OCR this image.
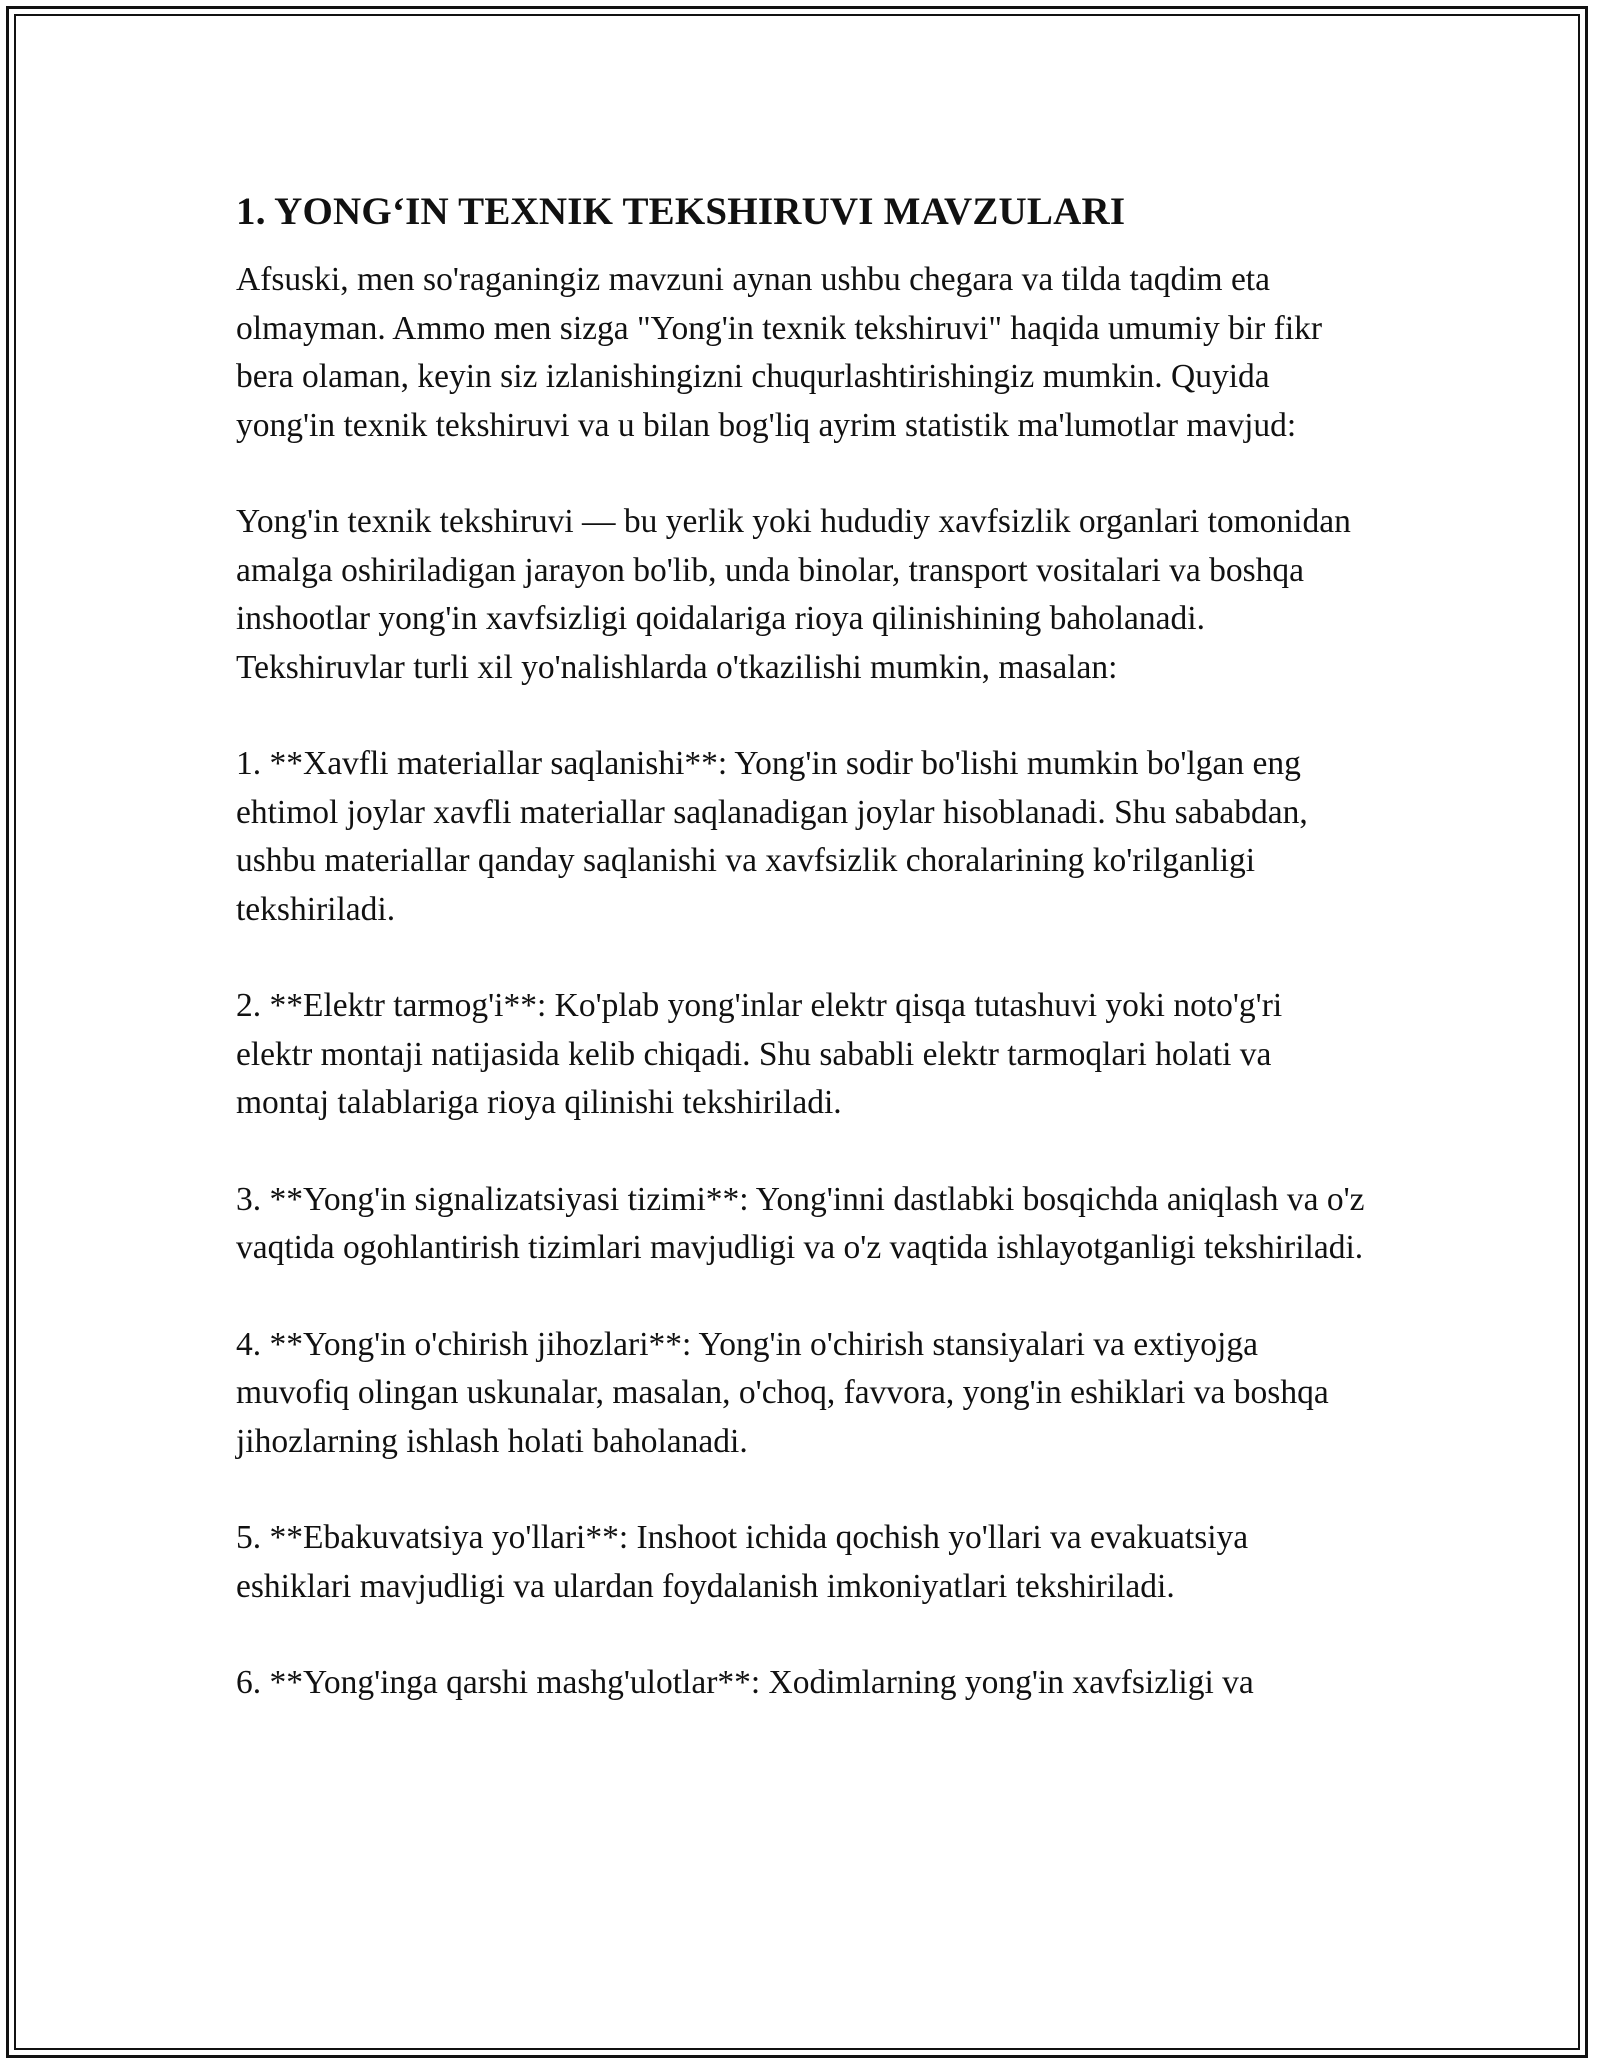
1. YONG‘IN TEXNIK TEKSHIRUVI MAVZULARI

Afsuski, men so'raganingiz mavzuni aynan ushbu chegara va tilda taqdim eta olmayman. Ammo men sizga "Yong'in texnik tekshiruvi" haqida umumiy bir fikr bera olaman, keyin siz izlanishingizni chuqurlashtirishingiz mumkin. Quyida yong'in texnik tekshiruvi va u bilan bog'liq ayrim statistik ma'lumotlar mavjud:

Yong'in texnik tekshiruvi — bu yerlik yoki hududiy xavfsizlik organlari tomonidan amalga oshiriladigan jarayon bo'lib, unda binolar, transport vositalari va boshqa inshootlar yong'in xavfsizligi qoidalariga rioya qilinishining baholanadi. Tekshiruvlar turli xil yo'nalishlarda o'tkazilishi mumkin, masalan:

1. **Xavfli materiallar saqlanishi**: Yong'in sodir bo'lishi mumkin bo'lgan eng ehtimol joylar xavfli materiallar saqlanadigan joylar hisoblanadi. Shu sababdan, ushbu materiallar qanday saqlanishi va xavfsizlik choralarining ko'rilganligi tekshiriladi.

2. **Elektr tarmog'i**: Ko'plab yong'inlar elektr qisqa tutashuvi yoki noto'g'ri elektr montaji natijasida kelib chiqadi. Shu sababli elektr tarmoqlari holati va montaj talablariga rioya qilinishi tekshiriladi.

3. **Yong'in signalizatsiyasi tizimi**: Yong'inni dastlabki bosqichda aniqlash va o'z vaqtida ogohlantirish tizimlari mavjudligi va o'z vaqtida ishlayotganligi tekshiriladi.

4. **Yong'in o'chirish jihozlari**: Yong'in o'chirish stansiyalari va extiyojga muvofiq olingan uskunalar, masalan, o'choq, favvora, yong'in eshiklari va boshqa jihozlarning ishlash holati baholanadi.

5. **Ebakuvatsiya yo'llari**: Inshoot ichida qochish yo'llari va evakuatsiya eshiklari mavjudligi va ulardan foydalanish imkoniyatlari tekshiriladi.

6. **Yong'inga qarshi mashg'ulotlar**: Xodimlarning yong'in xavfsizligi va
